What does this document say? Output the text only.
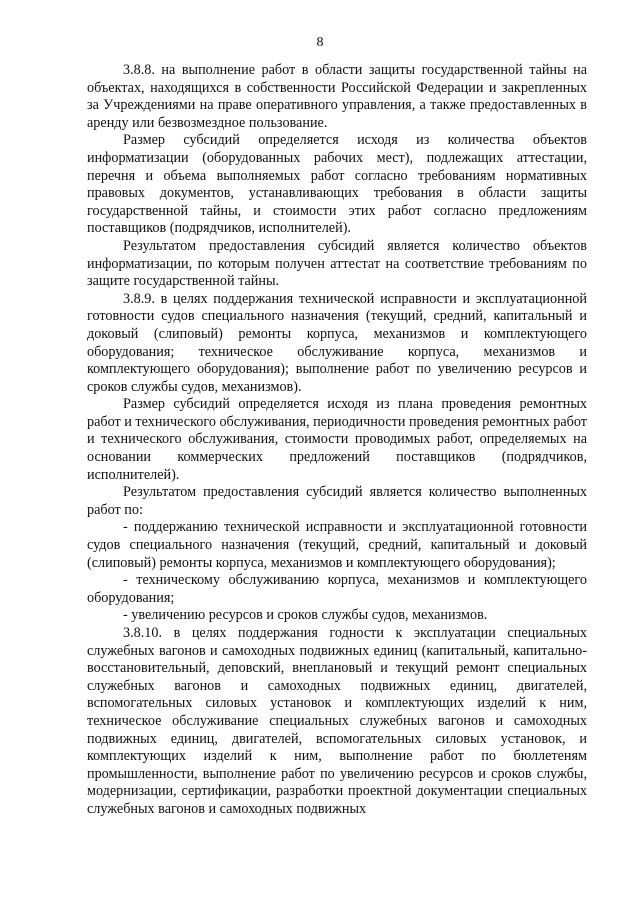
8

3.8.8. на выполнение работ в области защиты государственной тайны на объектах, находящихся в собственности Российской Федерации и закрепленных за Учреждениями на праве оперативного управления, а также предоставленных в аренду или безвозмездное пользование.

Размер субсидий определяется исходя из количества объектов информатизации (оборудованных рабочих мест), подлежащих аттестации, перечня и объема выполняемых работ согласно требованиям нормативных правовых документов, устанавливающих требования в области защиты государственной тайны, и стоимости этих работ согласно предложениям поставщиков (подрядчиков, исполнителей).

Результатом предоставления субсидий является количество объектов информатизации, по которым получен аттестат на соответствие требованиям по защите государственной тайны.

3.8.9. в целях поддержания технической исправности и эксплуатационной готовности судов специального назначения (текущий, средний, капитальный и доковый (слиповый) ремонты корпуса, механизмов и комплектующего оборудования; техническое обслуживание корпуса, механизмов и комплектующего оборудования); выполнение работ по увеличению ресурсов и сроков службы судов, механизмов).

Размер субсидий определяется исходя из плана проведения ремонтных работ и технического обслуживания, периодичности проведения ремонтных работ и технического обслуживания, стоимости проводимых работ, определяемых на основании коммерческих предложений поставщиков (подрядчиков, исполнителей).

Результатом предоставления субсидий является количество выполненных работ по:

- поддержанию технической исправности и эксплуатационной готовности судов специального назначения (текущий, средний, капитальный и доковый (слиповый) ремонты корпуса, механизмов и комплектующего оборудования);

- техническому обслуживанию корпуса, механизмов и комплектующего оборудования;

- увеличению ресурсов и сроков службы судов, механизмов.

3.8.10. в целях поддержания годности к эксплуатации специальных служебных вагонов и самоходных подвижных единиц (капитальный, капитально-восстановительный, деповский, внеплановый и текущий ремонт специальных служебных вагонов и самоходных подвижных единиц, двигателей, вспомогательных силовых установок и комплектующих изделий к ним, техническое обслуживание специальных служебных вагонов и самоходных подвижных единиц, двигателей, вспомогательных силовых установок, и комплектующих изделий к ним, выполнение работ по бюллетеням промышленности, выполнение работ по увеличению ресурсов и сроков службы, модернизации, сертификации, разработки проектной документации специальных служебных вагонов и самоходных подвижных
